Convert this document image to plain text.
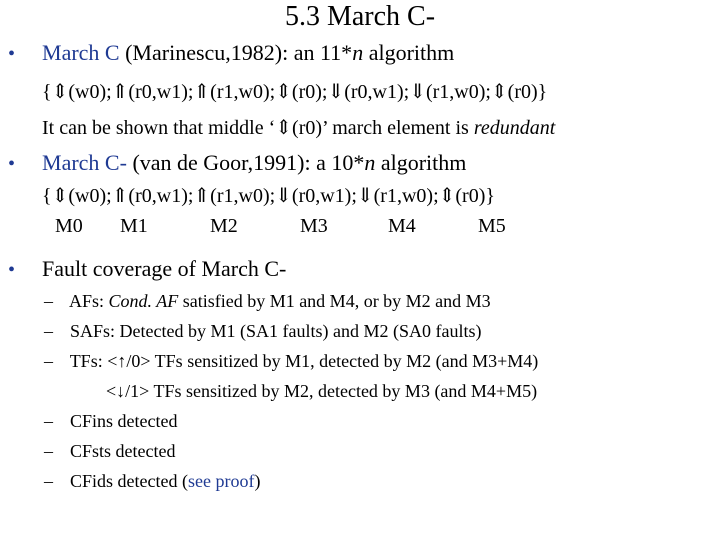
5.3 March C-
• March C (Marinescu,1982): an 11*n algorithm
{⇕(w0);⇑(r0,w1);⇑(r1,w0);⇕(r0);⇓(r0,w1);⇓(r1,w0);⇕(r0)}
It can be shown that middle ‘⇕(r0)’ march element is redundant
• March C- (van de Goor,1991): a 10*n algorithm
{⇕(w0);⇑(r0,w1);⇑(r1,w0);⇓(r0,w1);⇓(r1,w0);⇕(r0)}
M0 M1	M2	M3	M4	M5
• Fault coverage of March C-
– AFs: Cond. AF satisfied by M1 and M4, or by M2 and M3
– SAFs: Detected by M1 (SA1 faults) and M2 (SA0 faults)
– TFs: <↑/0> TFs sensitized by M1, detected by M2 (and M3+M4)
<↓/1> TFs sensitized by M2, detected by M3 (and M4+M5)
– CFins detected
– CFsts detected
– CFids detected (see proof)
